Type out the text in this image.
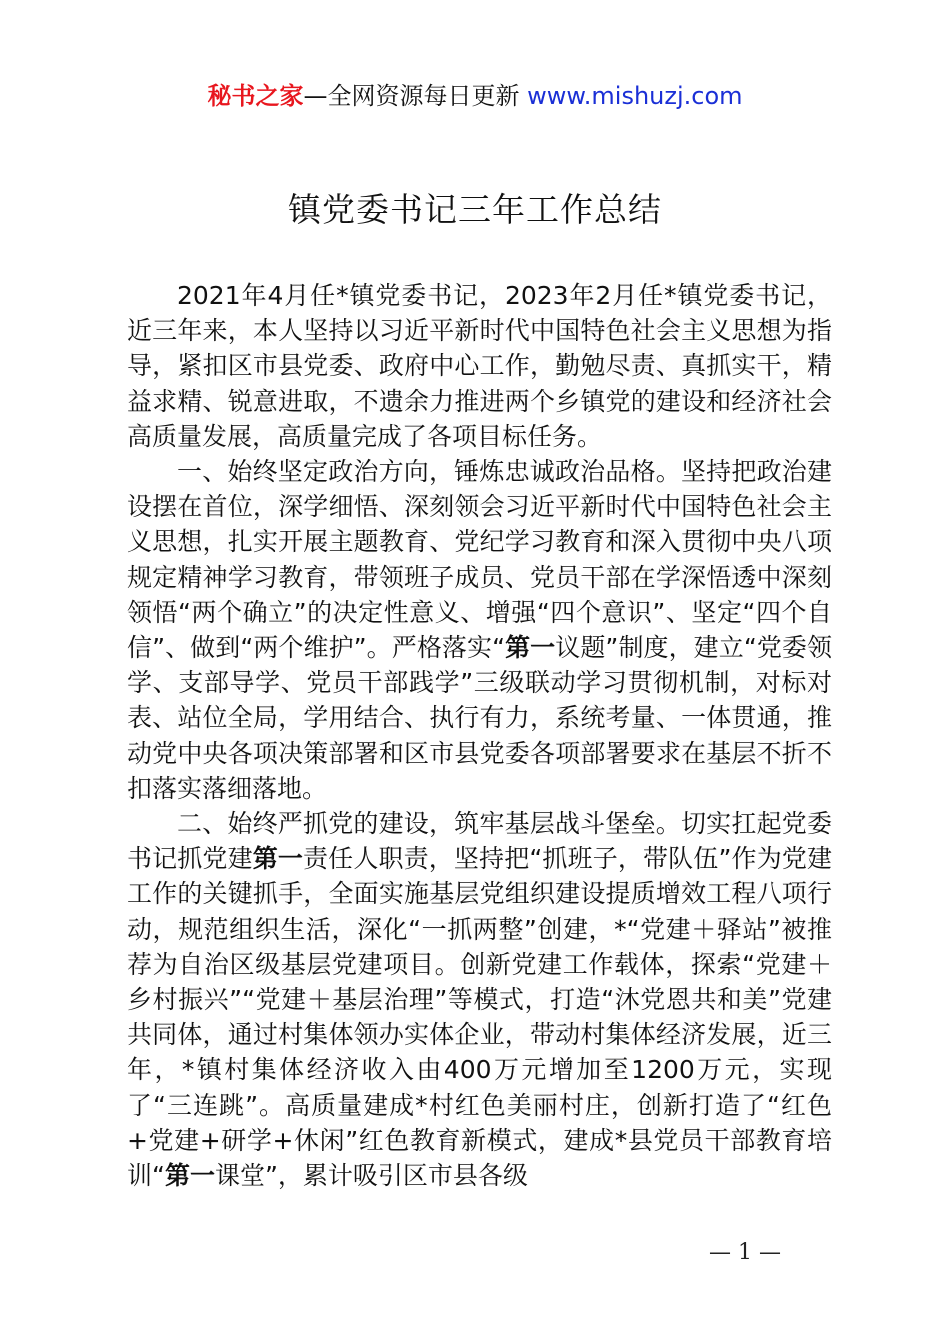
秘书之家—全网资源每日更新 www.mishuzj.com
镇党委书记三年工作总结

2021年4月任*镇党委书记，2023年2月任*镇党委书记，近三年来，本人坚持以习近平新时代中国特色社会主义思想为指导，紧扣区市县党委、政府中心工作，勤勉尽责、真抓实干，精益求精、锐意进取，不遗余力推进两个乡镇党的建设和经济社会高质量发展，高质量完成了各项目标任务。

一、始终坚定政治方向，锤炼忠诚政治品格。坚持把政治建设摆在首位，深学细悟、深刻领会习近平新时代中国特色社会主义思想，扎实开展主题教育、党纪学习教育和深入贯彻中央八项规定精神学习教育，带领班子成员、党员干部在学深悟透中深刻领悟“两个确立”的决定性意义、增强“四个意识”、坚定“四个自信”、做到“两个维护”。严格落实“第一议题”制度，建立“党委领学、支部导学、党员干部践学”三级联动学习贯彻机制，对标对表、站位全局，学用结合、执行有力，系统考量、一体贯通，推动党中央各项决策部署和区市县党委各项部署要求在基层不折不扣落实落细落地。

二、始终严抓党的建设，筑牢基层战斗堡垒。切实扛起党委书记抓党建第一责任人职责，坚持把“抓班子，带队伍”作为党建工作的关键抓手，全面实施基层党组织建设提质增效工程八项行动，规范组织生活，深化“一抓两整”创建，*“党建＋驿站”被推荐为自治区级基层党建项目。创新党建工作载体，探索“党建＋乡村振兴”“党建＋基层治理”等模式，打造“沐党恩共和美”党建共同体，通过村集体领办实体企业，带动村集体经济发展，近三年，*镇村集体经济收入由400万元增加至1200万元，实现了“三连跳”。高质量建成*村红色美丽村庄，创新打造了“红色+党建+研学+休闲”红色教育新模式，建成*县党员干部教育培训“第一课堂”，累计吸引区市县各级

— 1 —
